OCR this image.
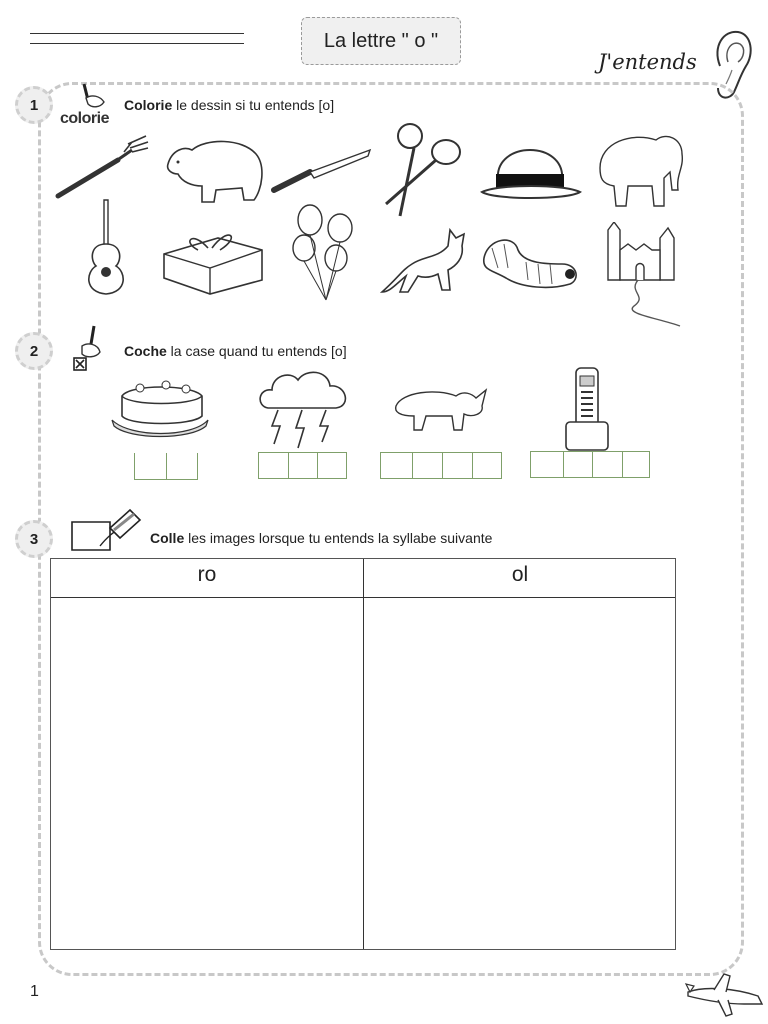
La lettre " o "
J'entends
1
colorie
Colorie le dessin si tu entends [o]
2	Coche la case quand tu entends [o]
3	Colle les images lorsque tu entends la syllabe suivante
ro	ol
1
